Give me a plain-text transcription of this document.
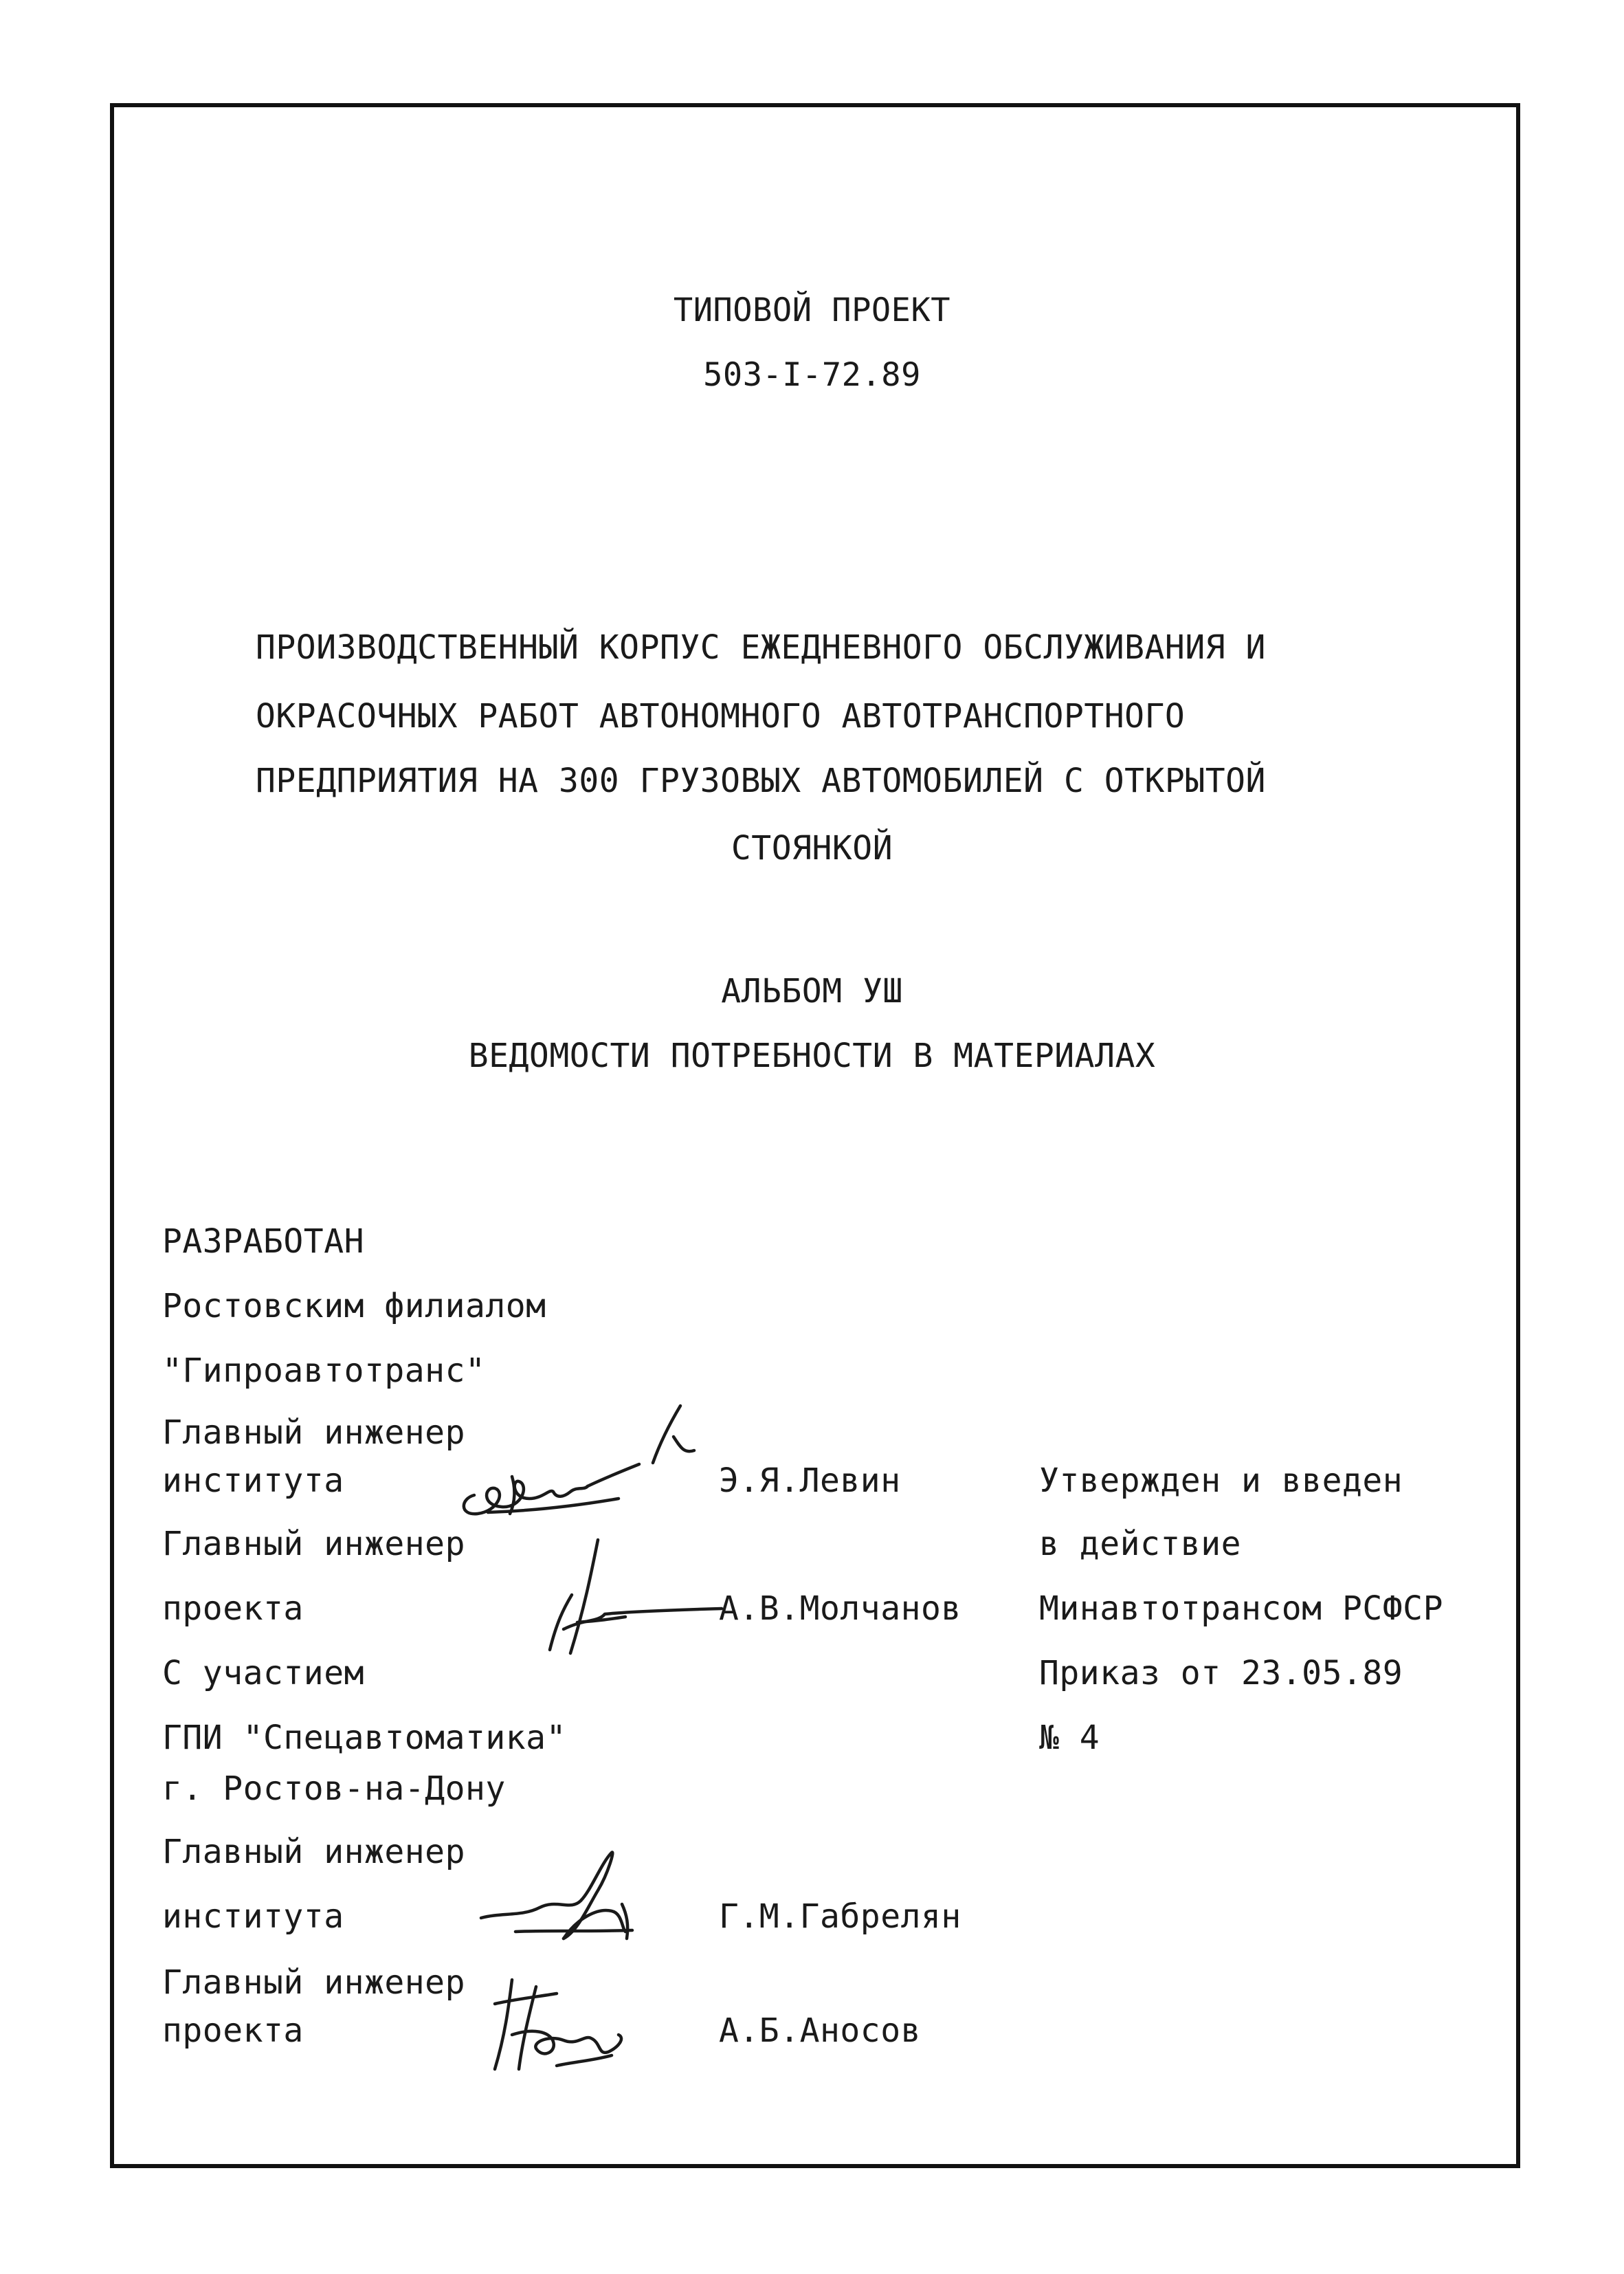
ТИПОВОЙ ПРОЕКТ
503-I-72.89
ПРОИЗВОДСТВЕННЫЙ КОРПУС ЕЖЕДНЕВНОГО ОБСЛУЖИВАНИЯ И
ОКРАСОЧНЫХ РАБОТ АВТОНОМНОГО АВТОТРАНСПОРТНОГО
ПРЕДПРИЯТИЯ НА 300 ГРУЗОВЫХ АВТОМОБИЛЕЙ С ОТКРЫТОЙ
СТОЯНКОЙ
АЛЬБОМ УШ
ВЕДОМОСТИ ПОТРЕБНОСТИ В МАТЕРИАЛАХ
РАЗРАБОТАН
Ростовским филиалом
"Гипроавтотранс"
Главный инженер
института	Э.Я.Левин
Главный инженер
проекта	А.В.Молчанов
С участием
ГПИ "Спецавтоматика"
г. Ростов-на-Дону
Главный инженер
института	Г.М.Габрелян
Главный инженер
проекта	А.Б.Аносов
Утвержден и введен
в действие
Минавтотрансом РСФСР
Приказ от 23.05.89
№ 4
